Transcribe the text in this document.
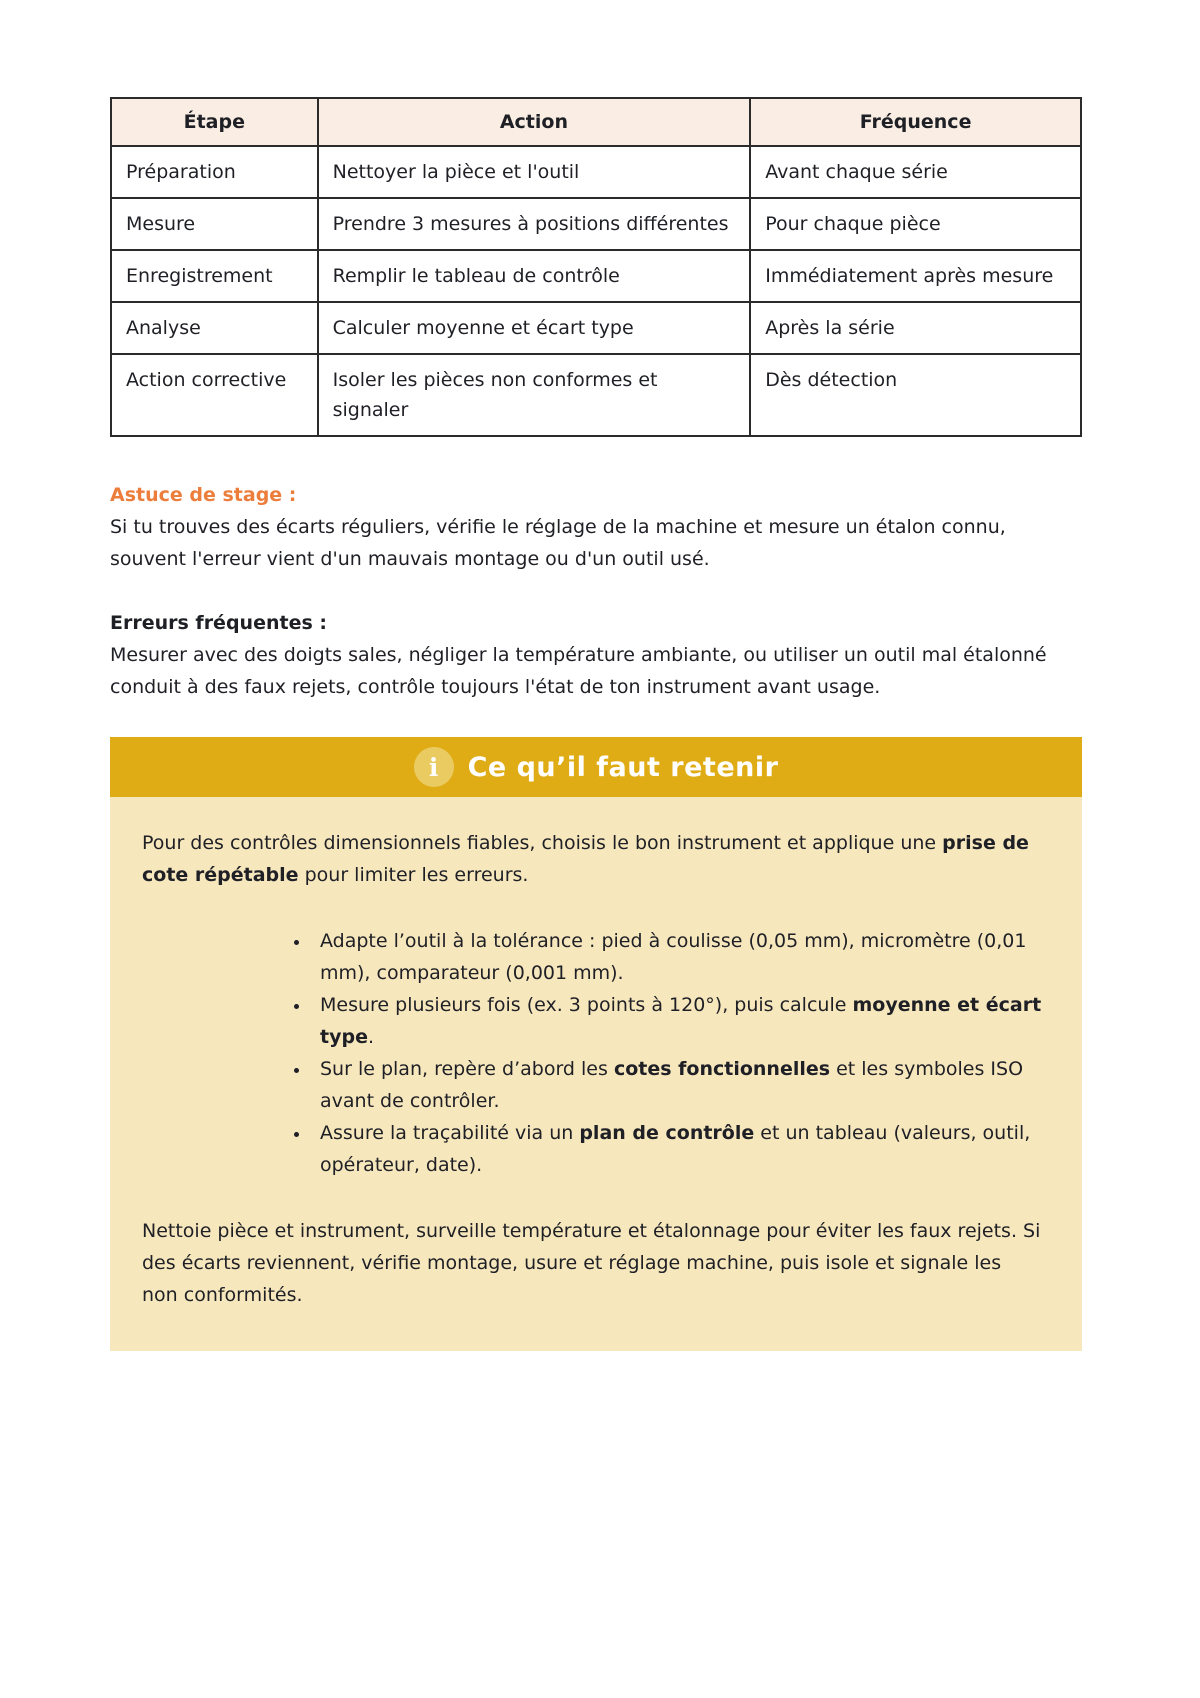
Étape	Action	Fréquence
Préparation	Nettoyer la pièce et l'outil	Avant chaque série
Mesure	Prendre 3 mesures à positions différentes	Pour chaque pièce
Enregistrement	Remplir le tableau de contrôle	Immédiatement après mesure
Analyse	Calculer moyenne et écart type	Après la série
Action corrective	Isoler les pièces non conformes et signaler	Dès détection

Astuce de stage :

Si tu trouves des écarts réguliers, vérifie le réglage de la machine et mesure un étalon connu, souvent l'erreur vient d'un mauvais montage ou d'un outil usé.

Erreurs fréquentes :

Mesurer avec des doigts sales, négliger la température ambiante, ou utiliser un outil mal étalonné conduit à des faux rejets, contrôle toujours l'état de ton instrument avant usage.

i	Ce qu’il faut retenir

Pour des contrôles dimensionnels fiables, choisis le bon instrument et applique une prise de cote répétable pour limiter les erreurs.

• Adapte l’outil à la tolérance : pied à coulisse (0,05 mm), micromètre (0,01 mm), comparateur (0,001 mm).
• Mesure plusieurs fois (ex. 3 points à 120°), puis calcule moyenne et écart type.
• Sur le plan, repère d’abord les cotes fonctionnelles et les symboles ISO avant de contrôler.
• Assure la traçabilité via un plan de contrôle et un tableau (valeurs, outil, opérateur, date).

Nettoie pièce et instrument, surveille température et étalonnage pour éviter les faux rejets. Si des écarts reviennent, vérifie montage, usure et réglage machine, puis isole et signale les non conformités.
